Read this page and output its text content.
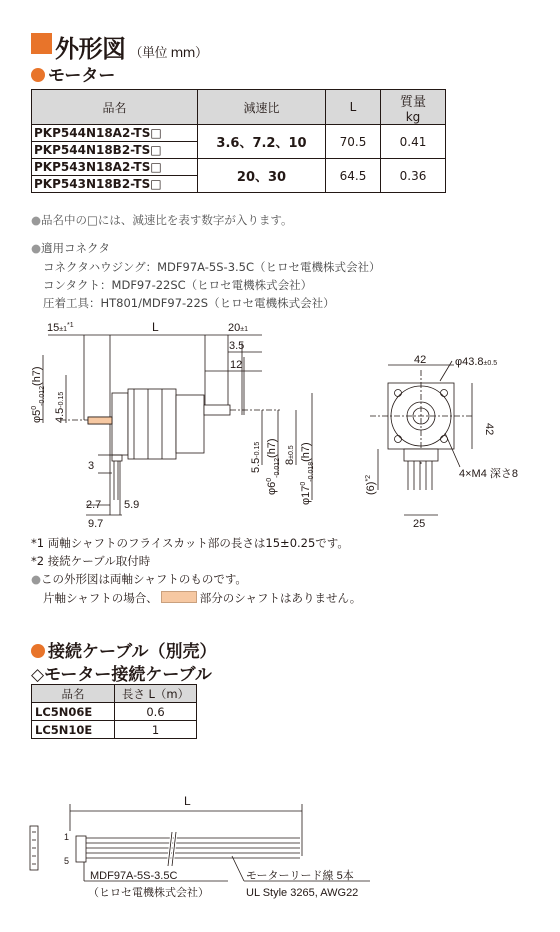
外形図 （単位 mm）
モーター
品名	減速比	L	質量
kg
PKP544N18A2-TS□	3.6、7.2、10	70.5	0.41
PKP544N18B2-TS□			
PKP543N18A2-TS□	20、30	64.5	0.36
PKP543N18B2-TS□			
●品名中の□には、減速比を表す数字が入ります。
●適用コネクタ
コネクタハウジング：MDF97A-5S-3.5C（ヒロセ電機株式会社）
コンタクト：MDF97-22SC（ヒロセ電機株式会社）
圧着工具：HT801/MDF97-22S（ヒロセ電機株式会社）
$15\pm 1^{*1}$	L	20±1
3.5
12
$\varphi 5^0_{-0.012}(h7)$
4.5-0.15
3	5.5-0.15
$\varphi 6^0_{-0.012}(h7)$
8±0.5
$\varphi 17^0_{-0.018}(h7)$
2.7 5.9
9.7
42	φ43.8±0.5
42
$(6)^{*2}$	4×M4 深さ8
25
*1 両軸シャフトのフライスカット部の長さは15±0.25です。
*2 接続ケーブル取付時
●この外形図は両軸シャフトのものです。
片軸シャフトの場合、	部分のシャフトはありません。
接続ケーブル（別売）
◇モーター接続ケーブル
品名	長さ L（m）
LC5N06E	0.6
LC5N10E	1
L
1
5
MDF97A-5S-3.5C
（ヒロセ電機株式会社）
モーターリード線 5本
UL Style 3265, AWG22
